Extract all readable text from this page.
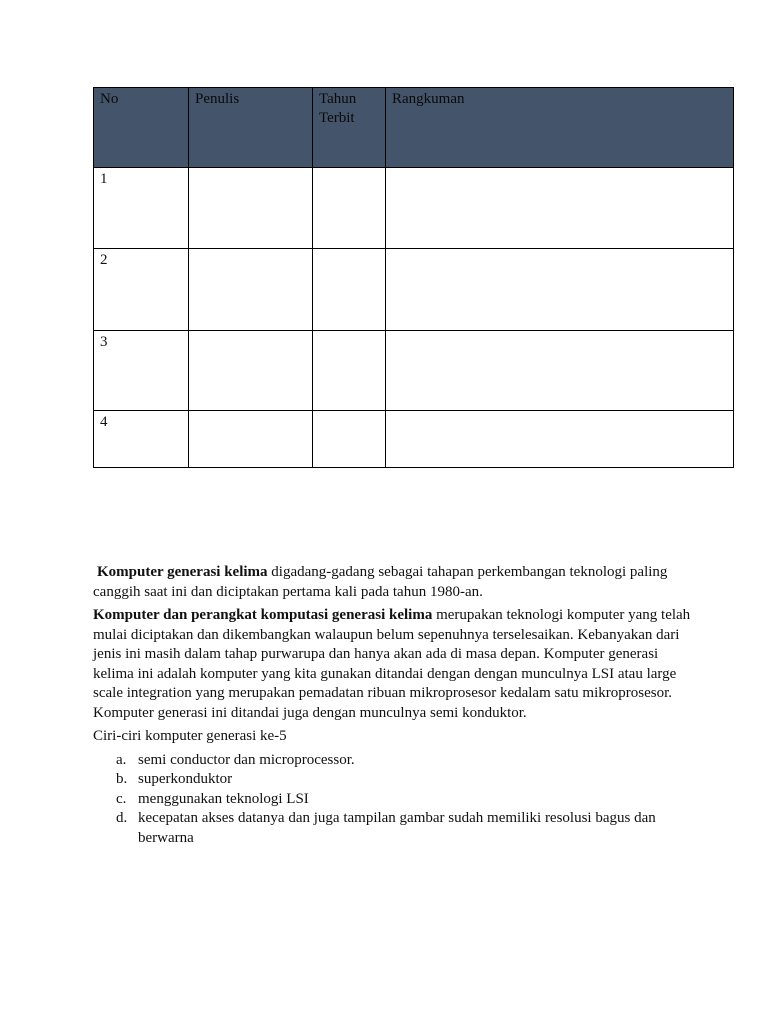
No	Penulis	Tahun Terbit	Rangkuman
1			
2			
3			
4			

Komputer generasi kelima digadang-gadang sebagai tahapan perkembangan teknologi paling canggih saat ini dan diciptakan pertama kali pada tahun 1980-an.

Komputer dan perangkat komputasi generasi kelima merupakan teknologi komputer yang telah mulai diciptakan dan dikembangkan walaupun belum sepenuhnya terselesaikan. Kebanyakan dari jenis ini masih dalam tahap purwarupa dan hanya akan ada di masa depan. Komputer generasi kelima ini adalah komputer yang kita gunakan ditandai dengan dengan munculnya LSI atau large scale integration yang merupakan pemadatan ribuan mikroprosesor kedalam satu mikroprosesor. Komputer generasi ini ditandai juga dengan munculnya semi konduktor.

Ciri-ciri komputer generasi ke-5

a. semi conductor dan microprocessor.
b. superkonduktor
c. menggunakan teknologi LSI
d. kecepatan akses datanya dan juga tampilan gambar sudah memiliki resolusi bagus dan berwarna
